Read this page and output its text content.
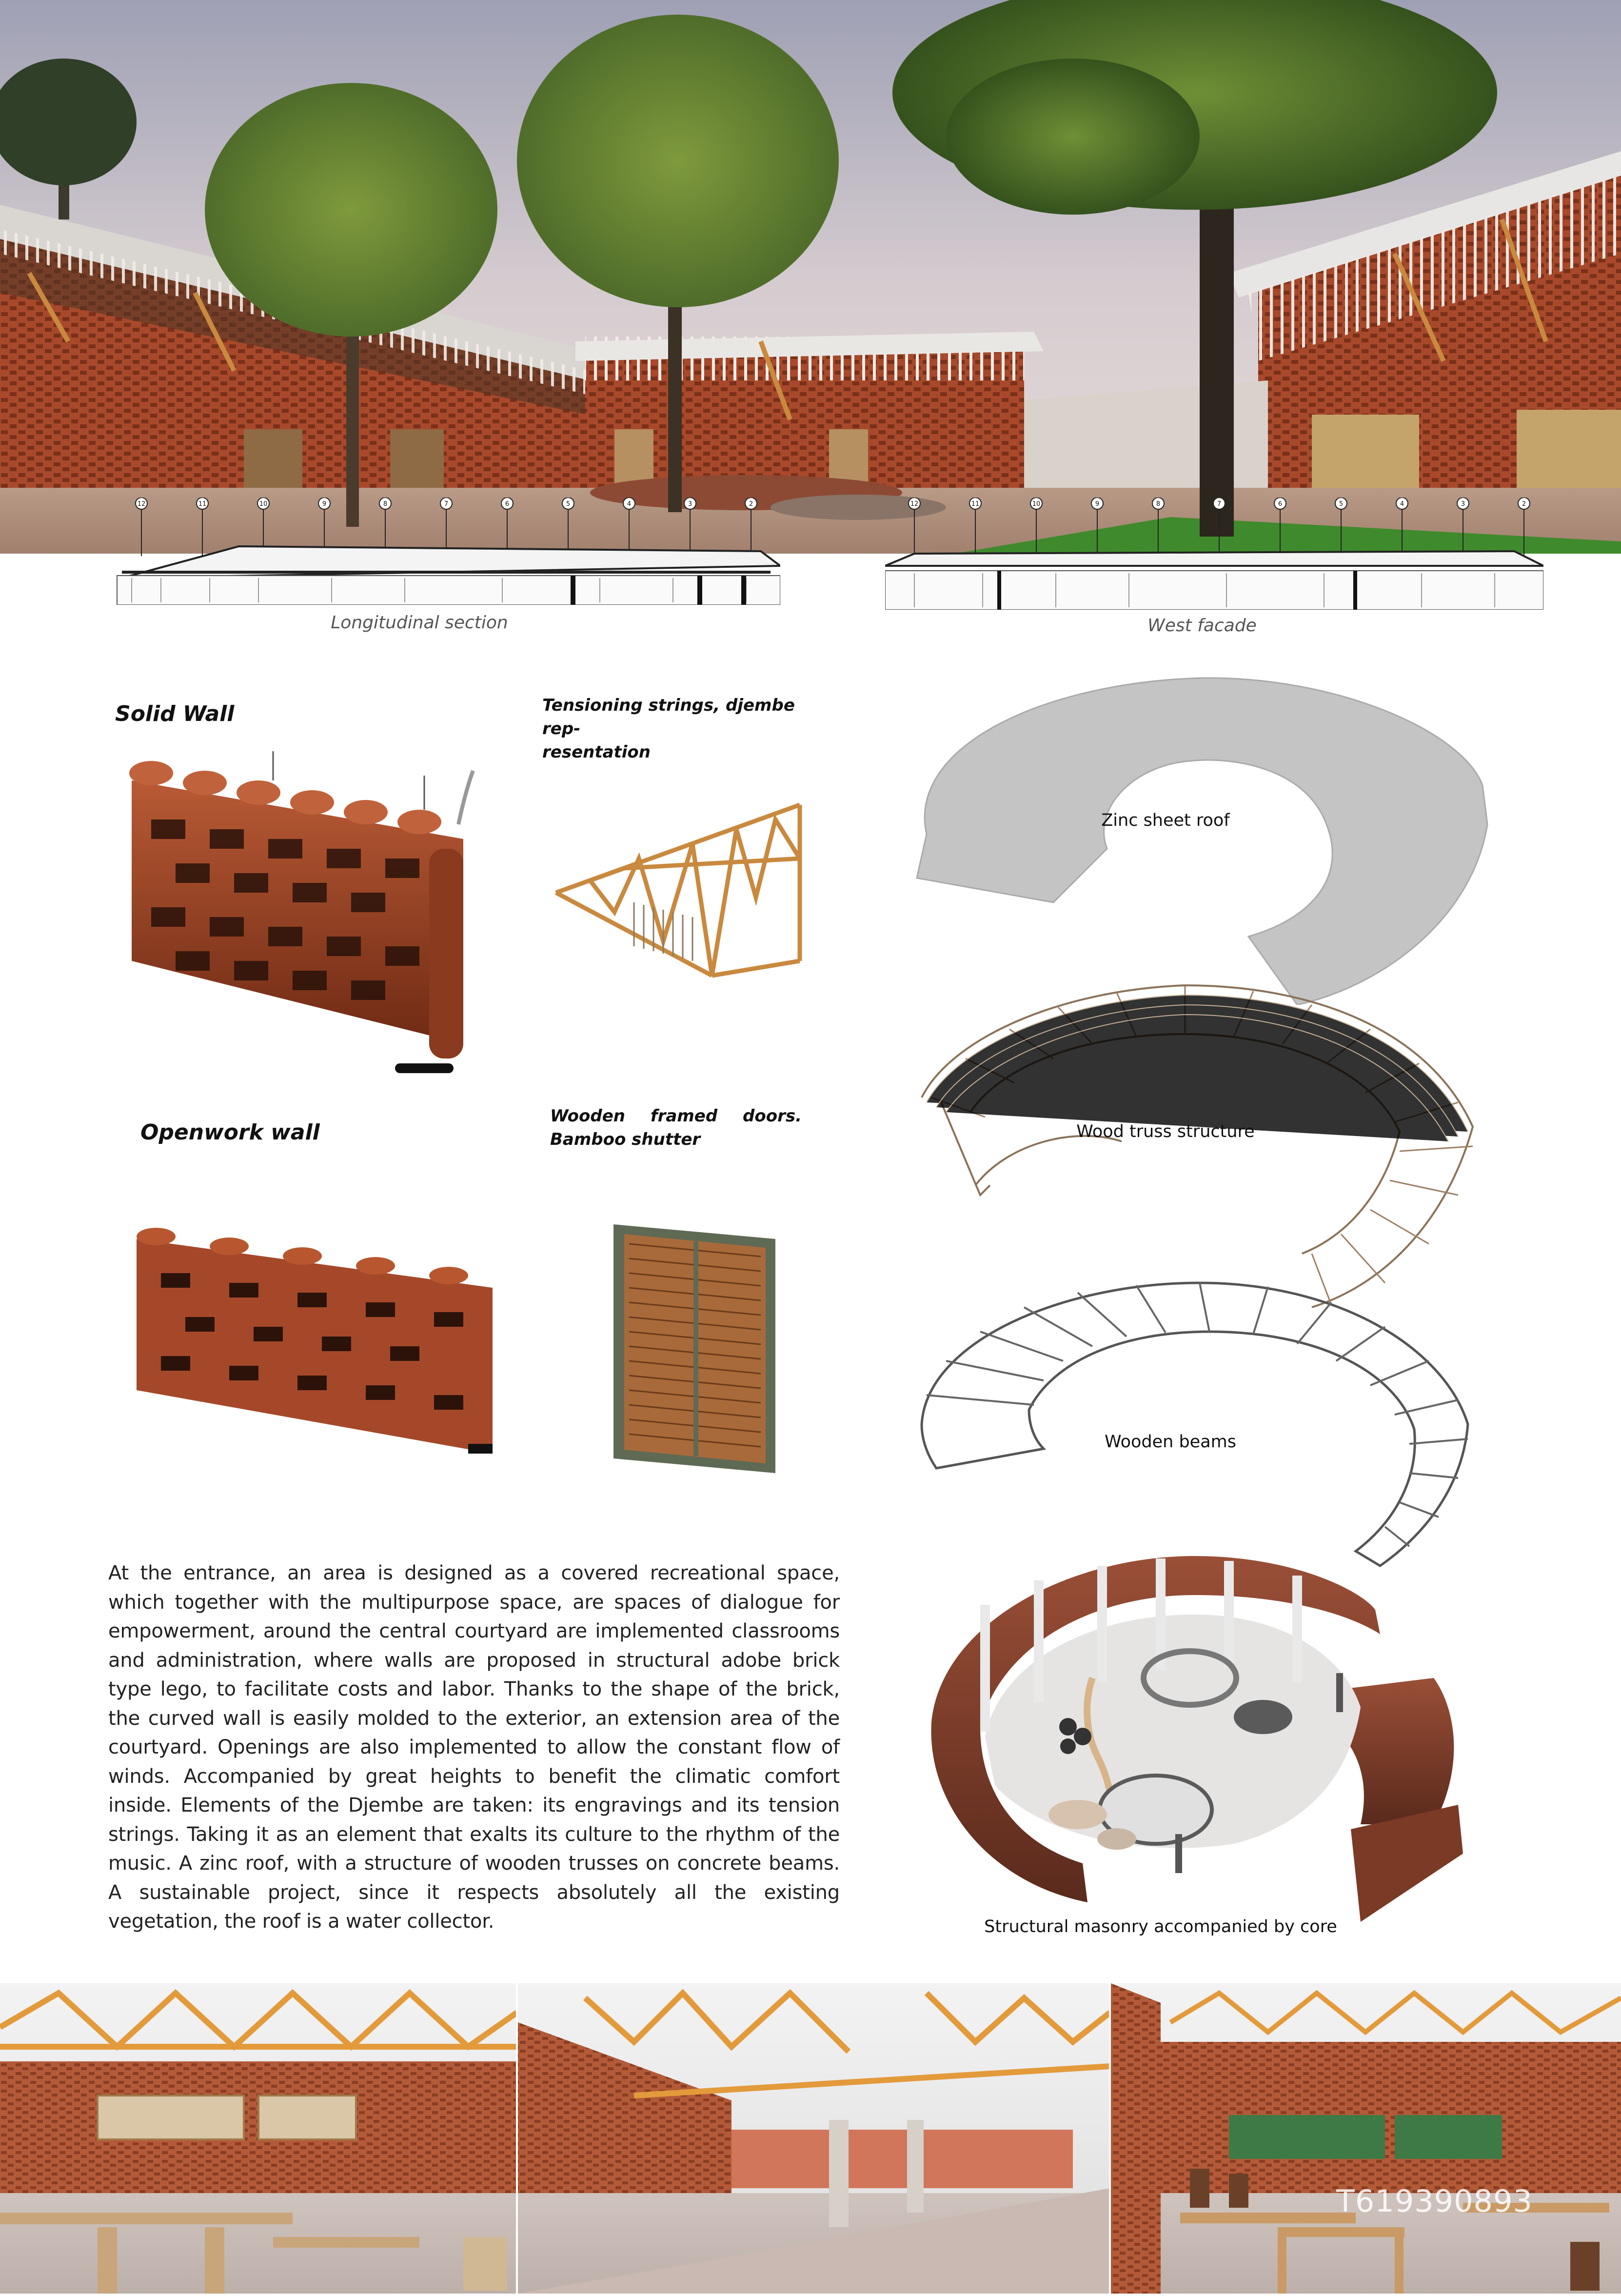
12	11	10	9	8	7	6	5	4	3	2
Longitudinal section
12	11	10	9	8	7	6	5	4	3	2
West facade
Solid Wall	Tensioning strings, djembe rep-
resentation
Openwork wall
Wooden framed doors.
Bamboo shutter
Zinc sheet roof
Wood truss structure
Wooden beams
Structural masonry accompanied by core
At the entrance, an area is designed as a covered recreational space, which together with the multipurpose space, are spaces of dialogue for empowerment, around the central courtyard are implemented classrooms and administration, where walls are proposed in structural adobe brick type lego, to facilitate costs and labor. Thanks to the shape of the brick, the curved wall is easily molded to the exterior, an extension area of the courtyard. Openings are also implemented to allow the constant flow of winds. Accompanied by great heights to benefit the climatic comfort inside. Elements of the Djembe are taken: its engravings and its tension strings. Taking it as an element that exalts its culture to the rhythm of the music. A zinc roof, with a structure of wooden trusses on concrete beams. A sustainable project, since it respects absolutely all the existing vegetation, the roof is a water collector.
T619390893
